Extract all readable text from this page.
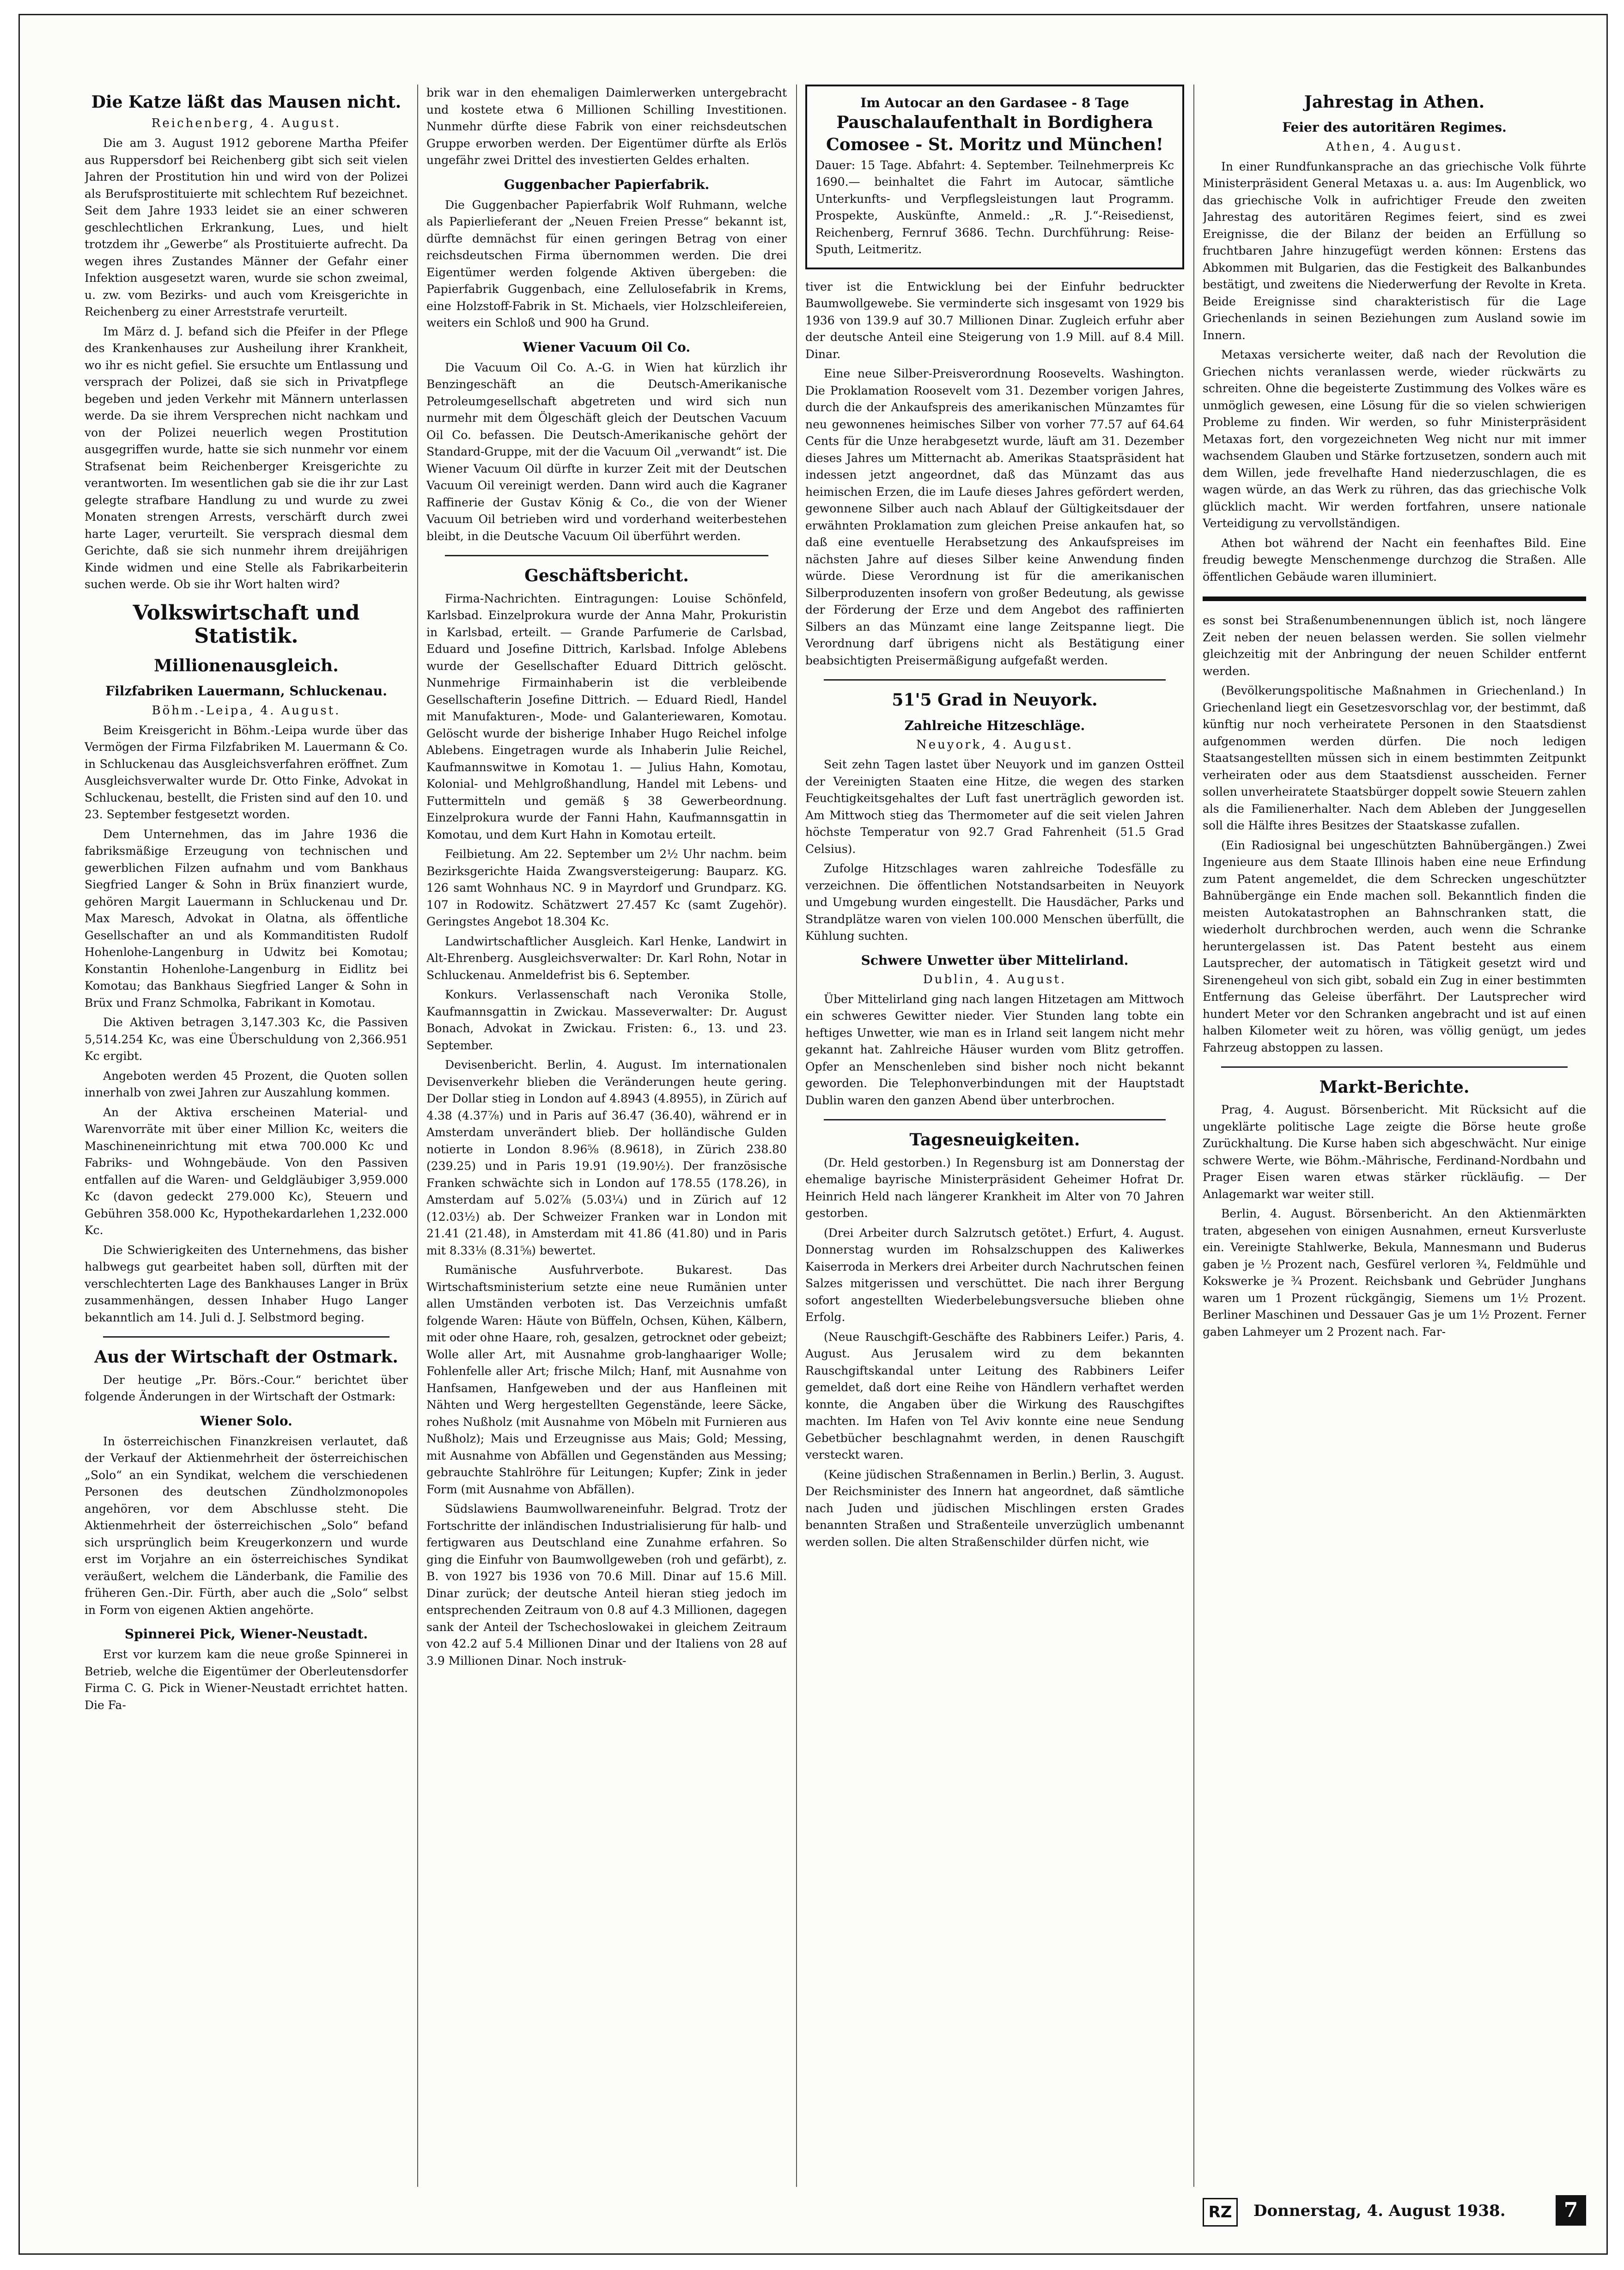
Die Katze läßt das Mausen nicht.
Reichenberg, 4. August.

Die am 3. August 1912 geborene Martha Pfeifer aus Ruppersdorf bei Reichenberg gibt sich seit vielen Jahren der Prostitution hin und wird von der Polizei als Berufsprostituierte mit schlechtem Ruf bezeichnet. Seit dem Jahre 1933 leidet sie an einer schweren geschlechtlichen Erkrankung, Lues, und hielt trotzdem ihr „Gewerbe“ als Prostituierte aufrecht. Da wegen ihres Zustandes Männer der Gefahr einer Infektion ausgesetzt waren, wurde sie schon zweimal, u. zw. vom Bezirks- und auch vom Kreisgerichte in Reichenberg zu einer Arreststrafe verurteilt.

Im März d. J. befand sich die Pfeifer in der Pflege des Krankenhauses zur Ausheilung ihrer Krankheit, wo ihr es nicht gefiel. Sie ersuchte um Entlassung und versprach der Polizei, daß sie sich in Privatpflege begeben und jeden Verkehr mit Männern unterlassen werde. Da sie ihrem Versprechen nicht nachkam und von der Polizei neuerlich wegen Prostitution ausgegriffen wurde, hatte sie sich nunmehr vor einem Strafsenat beim Reichenberger Kreisgerichte zu verantworten. Im wesentlichen gab sie die ihr zur Last gelegte strafbare Handlung zu und wurde zu zwei Monaten strengen Arrests, verschärft durch zwei harte Lager, verurteilt. Sie versprach diesmal dem Gerichte, daß sie sich nunmehr ihrem dreijährigen Kinde widmen und eine Stelle als Fabrikarbeiterin suchen werde. Ob sie ihr Wort halten wird?

Volkswirtschaft und Statistik.
Millionenausgleich.
Filzfabriken Lauermann, Schluckenau.
Böhm.-Leipa, 4. August.

Beim Kreisgericht in Böhm.-Leipa wurde über das Vermögen der Firma Filzfabriken M. Lauermann & Co. in Schluckenau das Ausgleichsverfahren eröffnet. Zum Ausgleichsverwalter wurde Dr. Otto Finke, Advokat in Schluckenau, bestellt, die Fristen sind auf den 10. und 23. September festgesetzt worden.

Dem Unternehmen, das im Jahre 1936 die fabriksmäßige Erzeugung von technischen und gewerblichen Filzen aufnahm und vom Bankhaus Siegfried Langer & Sohn in Brüx finanziert wurde, gehören Margit Lauermann in Schluckenau und Dr. Max Maresch, Advokat in Olatna, als öffentliche Gesellschafter an und als Kommanditisten Rudolf Hohenlohe-Langenburg in Udwitz bei Komotau; Konstantin Hohenlohe-Langenburg in Eidlitz bei Komotau; das Bankhaus Siegfried Langer & Sohn in Brüx und Franz Schmolka, Fabrikant in Komotau.

Die Aktiven betragen 3,147.303 Kc, die Passiven 5,514.254 Kc, was eine Überschuldung von 2,366.951 Kc ergibt.

Angeboten werden 45 Prozent, die Quoten sollen innerhalb von zwei Jahren zur Auszahlung kommen.

An der Aktiva erscheinen Material- und Warenvorräte mit über einer Million Kc, weiters die Maschineneinrichtung mit etwa 700.000 Kc und Fabriks- und Wohngebäude. Von den Passiven entfallen auf die Waren- und Geldgläubiger 3,959.000 Kc (davon gedeckt 279.000 Kc), Steuern und Gebühren 358.000 Kc, Hypothekardarlehen 1,232.000 Kc.

Die Schwierigkeiten des Unternehmens, das bisher halbwegs gut gearbeitet haben soll, dürften mit der verschlechterten Lage des Bankhauses Langer in Brüx zusammenhängen, dessen Inhaber Hugo Langer bekanntlich am 14. Juli d. J. Selbstmord beging.

Aus der Wirtschaft der Ostmark.

Der heutige „Pr. Börs.-Cour.“ berichtet über folgende Änderungen in der Wirtschaft der Ostmark:

Wiener Solo.

In österreichischen Finanzkreisen verlautet, daß der Verkauf der Aktienmehrheit der österreichischen „Solo“ an ein Syndikat, welchem die verschiedenen Personen des deutschen Zündholzmonopoles angehören, vor dem Abschlusse steht. Die Aktienmehrheit der österreichischen „Solo“ befand sich ursprünglich beim Kreugerkonzern und wurde erst im Vorjahre an ein österreichisches Syndikat veräußert, welchem die Länderbank, die Familie des früheren Gen.-Dir. Fürth, aber auch die „Solo“ selbst in Form von eigenen Aktien angehörte.

Spinnerei Pick, Wiener-Neustadt.

Erst vor kurzem kam die neue große Spinnerei in Betrieb, welche die Eigentümer der Oberleutensdorfer Firma C. G. Pick in Wiener-Neustadt errichtet hatten. Die Fa-

brik war in den ehemaligen Daimlerwerken untergebracht und kostete etwa 6 Millionen Schilling Investitionen. Nunmehr dürfte diese Fabrik von einer reichsdeutschen Gruppe erworben werden. Der Eigentümer dürfte als Erlös ungefähr zwei Drittel des investierten Geldes erhalten.

Guggenbacher Papierfabrik.

Die Guggenbacher Papierfabrik Wolf Ruhmann, welche als Papierlieferant der „Neuen Freien Presse“ bekannt ist, dürfte demnächst für einen geringen Betrag von einer reichsdeutschen Firma übernommen werden. Die drei Eigentümer werden folgende Aktiven übergeben: die Papierfabrik Guggenbach, eine Zellulosefabrik in Krems, eine Holzstoff-Fabrik in St. Michaels, vier Holzschleifereien, weiters ein Schloß und 900 ha Grund.

Wiener Vacuum Oil Co.

Die Vacuum Oil Co. A.-G. in Wien hat kürzlich ihr Benzingeschäft an die Deutsch-Amerikanische Petroleumgesellschaft abgetreten und wird sich nun nurmehr mit dem Ölgeschäft gleich der Deutschen Vacuum Oil Co. befassen. Die Deutsch-Amerikanische gehört der Standard-Gruppe, mit der die Vacuum Oil „verwandt“ ist. Die Wiener Vacuum Oil dürfte in kurzer Zeit mit der Deutschen Vacuum Oil vereinigt werden. Dann wird auch die Kagraner Raffinerie der Gustav König & Co., die von der Wiener Vacuum Oil betrieben wird und vorderhand weiterbestehen bleibt, in die Deutsche Vacuum Oil überführt werden.

Geschäftsbericht.

Firma-Nachrichten. Eintragungen: Louise Schönfeld, Karlsbad. Einzelprokura wurde der Anna Mahr, Prokuristin in Karlsbad, erteilt. — Grande Parfumerie de Carlsbad, Eduard und Josefine Dittrich, Karlsbad. Infolge Ablebens wurde der Gesellschafter Eduard Dittrich gelöscht. Nunmehrige Firmainhaberin ist die verbleibende Gesellschafterin Josefine Dittrich. — Eduard Riedl, Handel mit Manufakturen-, Mode- und Galanteriewaren, Komotau. Gelöscht wurde der bisherige Inhaber Hugo Reichel infolge Ablebens. Eingetragen wurde als Inhaberin Julie Reichel, Kaufmannswitwe in Komotau 1. — Julius Hahn, Komotau, Kolonial- und Mehlgroßhandlung, Handel mit Lebens- und Futtermitteln und gemäß § 38 Gewerbeordnung. Einzelprokura wurde der Fanni Hahn, Kaufmannsgattin in Komotau, und dem Kurt Hahn in Komotau erteilt.

Feilbietung. Am 22. September um 2½ Uhr nachm. beim Bezirksgerichte Haida Zwangsversteigerung: Bauparz. KG. 126 samt Wohnhaus NC. 9 in Mayrdorf und Grundparz. KG. 107 in Rodowitz. Schätzwert 27.457 Kc (samt Zugehör). Geringstes Angebot 18.304 Kc.

Landwirtschaftlicher Ausgleich. Karl Henke, Landwirt in Alt-Ehrenberg. Ausgleichsverwalter: Dr. Karl Rohn, Notar in Schluckenau. Anmeldefrist bis 6. September.

Konkurs. Verlassenschaft nach Veronika Stolle, Kaufmannsgattin in Zwickau. Masseverwalter: Dr. August Bonach, Advokat in Zwickau. Fristen: 6., 13. und 23. September.

Devisenbericht. Berlin, 4. August. Im internationalen Devisenverkehr blieben die Veränderungen heute gering. Der Dollar stieg in London auf 4.8943 (4.8955), in Zürich auf 4.38 (4.37⅞) und in Paris auf 36.47 (36.40), während er in Amsterdam unverändert blieb. Der holländische Gulden notierte in London 8.96⅝ (8.9618), in Zürich 238.80 (239.25) und in Paris 19.91 (19.90½). Der französische Franken schwächte sich in London auf 178.55 (178.26), in Amsterdam auf 5.02⅞ (5.03¼) und in Zürich auf 12 (12.03½) ab. Der Schweizer Franken war in London mit 21.41 (21.48), in Amsterdam mit 41.86 (41.80) und in Paris mit 8.33⅛ (8.31⅝) bewertet.

Rumänische Ausfuhrverbote. Bukarest. Das Wirtschaftsministerium setzte eine neue Rumänien unter allen Umständen verboten ist. Das Verzeichnis umfaßt folgende Waren: Häute von Büffeln, Ochsen, Kühen, Kälbern, mit oder ohne Haare, roh, gesalzen, getrocknet oder gebeizt; Wolle aller Art, mit Ausnahme grob-langhaariger Wolle; Fohlenfelle aller Art; frische Milch; Hanf, mit Ausnahme von Hanfsamen, Hanfgeweben und der aus Hanfleinen mit Nähten und Werg hergestellten Gegenstände, leere Säcke, rohes Nußholz (mit Ausnahme von Möbeln mit Furnieren aus Nußholz); Mais und Erzeugnisse aus Mais; Gold; Messing, mit Ausnahme von Abfällen und Gegenständen aus Messing; gebrauchte Stahlröhre für Leitungen; Kupfer; Zink in jeder Form (mit Ausnahme von Abfällen).

Südslawiens Baumwollwareneinfuhr. Belgrad. Trotz der Fortschritte der inländischen Industrialisierung für halb- und fertigwaren aus Deutschland eine Zunahme erfahren. So ging die Einfuhr von Baumwollgeweben (roh und gefärbt), z. B. von 1927 bis 1936 von 70.6 Mill. Dinar auf 15.6 Mill. Dinar zurück; der deutsche Anteil hieran stieg jedoch im entsprechenden Zeitraum von 0.8 auf 4.3 Millionen, dagegen sank der Anteil der Tschechoslowakei in gleichem Zeitraum von 42.2 auf 5.4 Millionen Dinar und der Italiens von 28 auf 3.9 Millionen Dinar. Noch instruk-

Im Autocar an den Gardasee - 8 Tage
Pauschalaufenthalt in Bordighera
Comosee - St. Moritz und München!

Dauer: 15 Tage. Abfahrt: 4. September. Teilnehmerpreis Kc 1690.— beinhaltet die Fahrt im Autocar, sämtliche Unterkunfts- und Verpflegsleistungen laut Programm. Prospekte, Auskünfte, Anmeld.: „R. J.“-Reisedienst, Reichenberg, Fernruf 3686. Techn. Durchführung: Reise-Sputh, Leitmeritz.

tiver ist die Entwicklung bei der Einfuhr bedruckter Baumwollgewebe. Sie verminderte sich insgesamt von 1929 bis 1936 von 139.9 auf 30.7 Millionen Dinar. Zugleich erfuhr aber der deutsche Anteil eine Steigerung von 1.9 Mill. auf 8.4 Mill. Dinar.

Eine neue Silber-Preisverordnung Roosevelts. Washington. Die Proklamation Roosevelt vom 31. Dezember vorigen Jahres, durch die der Ankaufspreis des amerikanischen Münzamtes für neu gewonnenes heimisches Silber von vorher 77.57 auf 64.64 Cents für die Unze herabgesetzt wurde, läuft am 31. Dezember dieses Jahres um Mitternacht ab. Amerikas Staatspräsident hat indessen jetzt angeordnet, daß das Münzamt das aus heimischen Erzen, die im Laufe dieses Jahres gefördert werden, gewonnene Silber auch nach Ablauf der Gültigkeitsdauer der erwähnten Proklamation zum gleichen Preise ankaufen hat, so daß eine eventuelle Herabsetzung des Ankaufspreises im nächsten Jahre auf dieses Silber keine Anwendung finden würde. Diese Verordnung ist für die amerikanischen Silberproduzenten insofern von großer Bedeutung, als gewisse der Förderung der Erze und dem Angebot des raffinierten Silbers an das Münzamt eine lange Zeitspanne liegt. Die Verordnung darf übrigens nicht als Bestätigung einer beabsichtigten Preisermäßigung aufgefaßt werden.

51'5 Grad in Neuyork.
Zahlreiche Hitzeschläge.
Neuyork, 4. August.

Seit zehn Tagen lastet über Neuyork und im ganzen Ostteil der Vereinigten Staaten eine Hitze, die wegen des starken Feuchtigkeitsgehaltes der Luft fast unerträglich geworden ist. Am Mittwoch stieg das Thermometer auf die seit vielen Jahren höchste Temperatur von 92.7 Grad Fahrenheit (51.5 Grad Celsius).

Zufolge Hitzschlages waren zahlreiche Todesfälle zu verzeichnen. Die öffentlichen Notstandsarbeiten in Neuyork und Umgebung wurden eingestellt. Die Hausdächer, Parks und Strandplätze waren von vielen 100.000 Menschen überfüllt, die Kühlung suchten.

Schwere Unwetter über Mittelirland.
Dublin, 4. August.

Über Mittelirland ging nach langen Hitzetagen am Mittwoch ein schweres Gewitter nieder. Vier Stunden lang tobte ein heftiges Unwetter, wie man es in Irland seit langem nicht mehr gekannt hat. Zahlreiche Häuser wurden vom Blitz getroffen. Opfer an Menschenleben sind bisher noch nicht bekannt geworden. Die Telephonverbindungen mit der Hauptstadt Dublin waren den ganzen Abend über unterbrochen.

Tagesneuigkeiten.

(Dr. Held gestorben.) In Regensburg ist am Donnerstag der ehemalige bayrische Ministerpräsident Geheimer Hofrat Dr. Heinrich Held nach längerer Krankheit im Alter von 70 Jahren gestorben.

(Drei Arbeiter durch Salzrutsch getötet.) Erfurt, 4. August. Donnerstag wurden im Rohsalzschuppen des Kaliwerkes Kaiserroda in Merkers drei Arbeiter durch Nachrutschen feinen Salzes mitgerissen und verschüttet. Die nach ihrer Bergung sofort angestellten Wiederbelebungsversuche blieben ohne Erfolg.

(Neue Rauschgift-Geschäfte des Rabbiners Leifer.) Paris, 4. August. Aus Jerusalem wird zu dem bekannten Rauschgiftskandal unter Leitung des Rabbiners Leifer gemeldet, daß dort eine Reihe von Händlern verhaftet werden konnte, die Angaben über die Wirkung des Rauschgiftes machten. Im Hafen von Tel Aviv konnte eine neue Sendung Gebetbücher beschlagnahmt werden, in denen Rauschgift versteckt waren.

(Keine jüdischen Straßennamen in Berlin.) Berlin, 3. August. Der Reichsminister des Innern hat angeordnet, daß sämtliche nach Juden und jüdischen Mischlingen ersten Grades benannten Straßen und Straßenteile unverzüglich umbenannt werden sollen. Die alten Straßenschilder dürfen nicht, wie

Jahrestag in Athen.
Feier des autoritären Regimes.
Athen, 4. August.

In einer Rundfunkansprache an das griechische Volk führte Ministerpräsident General Metaxas u. a. aus: Im Augenblick, wo das griechische Volk in aufrichtiger Freude den zweiten Jahrestag des autoritären Regimes feiert, sind es zwei Ereignisse, die der Bilanz der beiden an Erfüllung so fruchtbaren Jahre hinzugefügt werden können: Erstens das Abkommen mit Bulgarien, das die Festigkeit des Balkanbundes bestätigt, und zweitens die Niederwerfung der Revolte in Kreta. Beide Ereignisse sind charakteristisch für die Lage Griechenlands in seinen Beziehungen zum Ausland sowie im Innern.

Metaxas versicherte weiter, daß nach der Revolution die Griechen nichts veranlassen werde, wieder rückwärts zu schreiten. Ohne die begeisterte Zustimmung des Volkes wäre es unmöglich gewesen, eine Lösung für die so vielen schwierigen Probleme zu finden. Wir werden, so fuhr Ministerpräsident Metaxas fort, den vorgezeichneten Weg nicht nur mit immer wachsendem Glauben und Stärke fortzusetzen, sondern auch mit dem Willen, jede frevelhafte Hand niederzuschlagen, die es wagen würde, an das Werk zu rühren, das das griechische Volk glücklich macht. Wir werden fortfahren, unsere nationale Verteidigung zu vervollständigen.

Athen bot während der Nacht ein feenhaftes Bild. Eine freudig bewegte Menschenmenge durchzog die Straßen. Alle öffentlichen Gebäude waren illuminiert.

es sonst bei Straßenumbenennungen üblich ist, noch längere Zeit neben der neuen belassen werden. Sie sollen vielmehr gleichzeitig mit der Anbringung der neuen Schilder entfernt werden.

(Bevölkerungspolitische Maßnahmen in Griechenland.) In Griechenland liegt ein Gesetzesvorschlag vor, der bestimmt, daß künftig nur noch verheiratete Personen in den Staatsdienst aufgenommen werden dürfen. Die noch ledigen Staatsangestellten müssen sich in einem bestimmten Zeitpunkt verheiraten oder aus dem Staatsdienst ausscheiden. Ferner sollen unverheiratete Staatsbürger doppelt sowie Steuern zahlen als die Familienerhalter. Nach dem Ableben der Junggesellen soll die Hälfte ihres Besitzes der Staatskasse zufallen.

(Ein Radiosignal bei ungeschützten Bahnübergängen.) Zwei Ingenieure aus dem Staate Illinois haben eine neue Erfindung zum Patent angemeldet, die dem Schrecken ungeschützter Bahnübergänge ein Ende machen soll. Bekanntlich finden die meisten Autokatastrophen an Bahnschranken statt, die wiederholt durchbrochen werden, auch wenn die Schranke heruntergelassen ist. Das Patent besteht aus einem Lautsprecher, der automatisch in Tätigkeit gesetzt wird und Sirenengeheul von sich gibt, sobald ein Zug in einer bestimmten Entfernung das Geleise überfährt. Der Lautsprecher wird hundert Meter vor den Schranken angebracht und ist auf einen halben Kilometer weit zu hören, was völlig genügt, um jedes Fahrzeug abstoppen zu lassen.

Markt-Berichte.

Prag, 4. August. Börsenbericht. Mit Rücksicht auf die ungeklärte politische Lage zeigte die Börse heute große Zurückhaltung. Die Kurse haben sich abgeschwächt. Nur einige schwere Werte, wie Böhm.-Mährische, Ferdinand-Nordbahn und Prager Eisen waren etwas stärker rückläufig. — Der Anlagemarkt war weiter still.

Berlin, 4. August. Börsenbericht. An den Aktienmärkten traten, abgesehen von einigen Ausnahmen, erneut Kursverluste ein. Vereinigte Stahlwerke, Bekula, Mannesmann und Buderus gaben je ½ Prozent nach, Gesfürel verloren ¾, Feldmühle und Kokswerke je ¾ Prozent. Reichsbank und Gebrüder Junghans waren um 1 Prozent rückgängig, Siemens um 1½ Prozent. Berliner Maschinen und Dessauer Gas je um 1½ Prozent. Ferner gaben Lahmeyer um 2 Prozent nach. Far-

RZ	Donnerstag, 4. August 1938.	7
